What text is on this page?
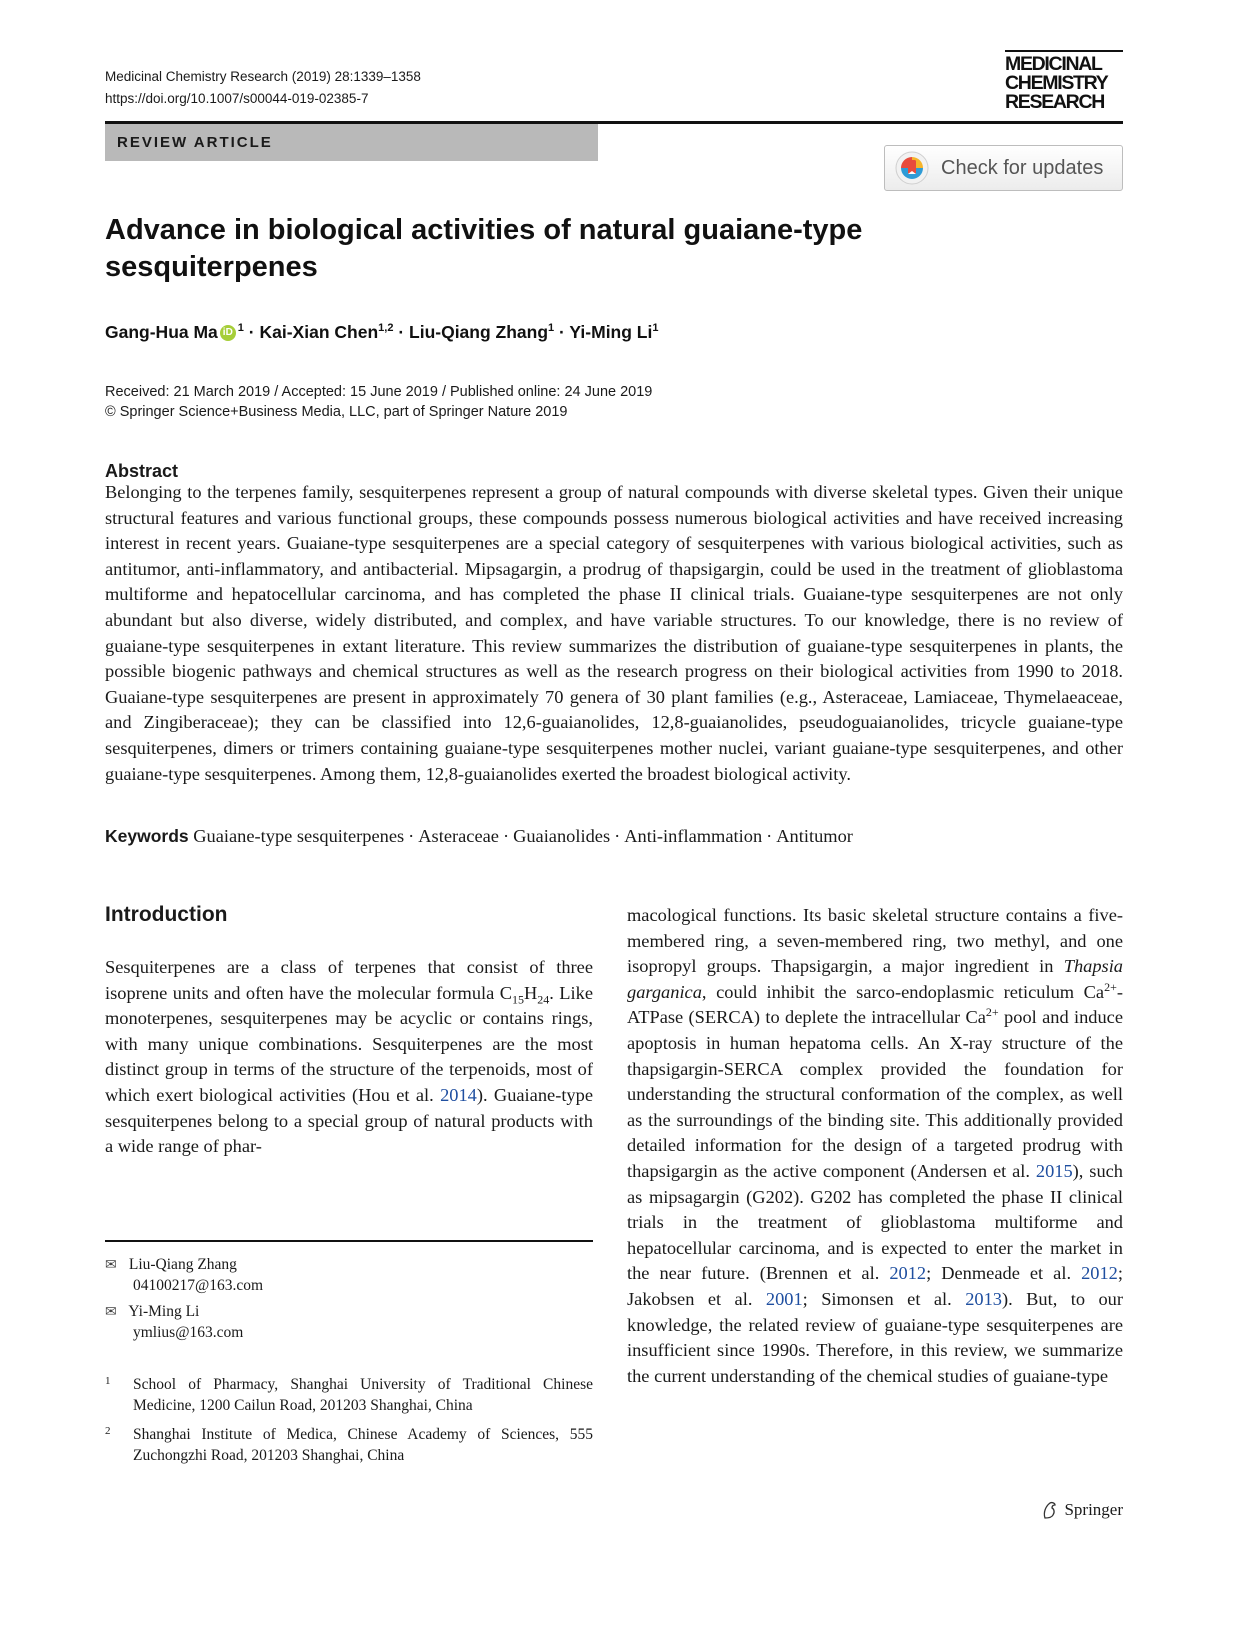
Medicinal Chemistry Research (2019) 28:1339–1358
https://doi.org/10.1007/s00044-019-02385-7
MEDICINAL
CHEMISTRY
RESEARCH
REVIEW ARTICLE
Check for updates
Advance in biological activities of natural guaiane-type
sesquiterpenes
Gang-Hua Ma iD $^1$ · Kai-Xian Chen$^{1,2}$ · Liu-Qiang Zhang$^1$ · Yi-Ming Li$^1$
Received: 21 March 2019 / Accepted: 15 June 2019 / Published online: 24 June 2019
© Springer Science+Business Media, LLC, part of Springer Nature 2019
Abstract
Belonging to the terpenes family, sesquiterpenes represent a group of natural compounds with diverse skeletal types. Given their unique structural features and various functional groups, these compounds possess numerous biological activities and have received increasing interest in recent years. Guaiane-type sesquiterpenes are a special category of sesquiterpenes with various biological activities, such as antitumor, anti-inflammatory, and antibacterial. Mipsagargin, a prodrug of thapsigargin, could be used in the treatment of glioblastoma multiforme and hepatocellular carcinoma, and has completed the phase II clinical trials. Guaiane-type sesquiterpenes are not only abundant but also diverse, widely distributed, and complex, and have variable structures. To our knowledge, there is no review of guaiane-type sesquiterpenes in extant literature. This review summarizes the distribution of guaiane-type sesquiterpenes in plants, the possible biogenic pathways and chemical structures as well as the research progress on their biological activities from 1990 to 2018. Guaiane-type sesquiterpenes are present in approximately 70 genera of 30 plant families (e.g., Asteraceae, Lamiaceae, Thymelaeaceae, and Zingiberaceae); they can be classified into 12,6-guaianolides, 12,8-guaianolides, pseudoguaianolides, tricycle guaiane-type sesquiterpenes, dimers or trimers containing guaiane-type sesquiterpenes mother nuclei, variant guaiane-type sesquiterpenes, and other guaiane-type sesquiterpenes. Among them, 12,8-guaianolides exerted the broadest biological activity.
Keywords Guaiane-type sesquiterpenes · Asteraceae · Guaianolides · Anti-inflammation · Antitumor
Introduction
Sesquiterpenes are a class of terpenes that consist of three isoprene units and often have the molecular formula $C_{15}H_{24}$. Like monoterpenes, sesquiterpenes may be acyclic or contains rings, with many unique combinations. Sesquiterpenes are the most distinct group in terms of the structure of the terpenoids, most of which exert biological activities (Hou et al. 2014). Guaiane-type sesquiterpenes belong to a special group of natural products with a wide range of phar-
macological functions. Its basic skeletal structure contains a five-membered ring, a seven-membered ring, two methyl, and one isopropyl groups. Thapsigargin, a major ingredient in Thapsia garganica, could inhibit the sarco-endoplasmic reticulum $Ca^{2+}$-ATPase (SERCA) to deplete the intracellular $Ca^{2+}$ pool and induce apoptosis in human hepatoma cells. An X-ray structure of the thapsigargin-SERCA complex provided the foundation for understanding the structural conformation of the complex, as well as the surroundings of the binding site. This additionally provided detailed information for the design of a targeted prodrug with thapsigargin as the active component (Andersen et al. 2015), such as mipsagargin (G202). G202 has completed the phase II clinical trials in the treatment of glioblastoma multiforme and hepatocellular carcinoma, and is expected to enter the market in the near future. (Brennen et al. 2012; Denmeade et al. 2012; Jakobsen et al. 2001; Simonsen et al. 2013). But, to our knowledge, the related review of guaiane-type sesquiterpenes are insufficient since 1990s. Therefore, in this review, we summarize the current understanding of the chemical studies of guaiane-type
✉ Liu-Qiang Zhang
04100217@163.com
✉ Yi-Ming Li
ymlius@163.com
1	School of Pharmacy, Shanghai University of Traditional Chinese Medicine, 1200 Cailun Road, 201203 Shanghai, China
2	Shanghai Institute of Medica, Chinese Academy of Sciences, 555 Zuchongzhi Road, 201203 Shanghai, China
Springer
